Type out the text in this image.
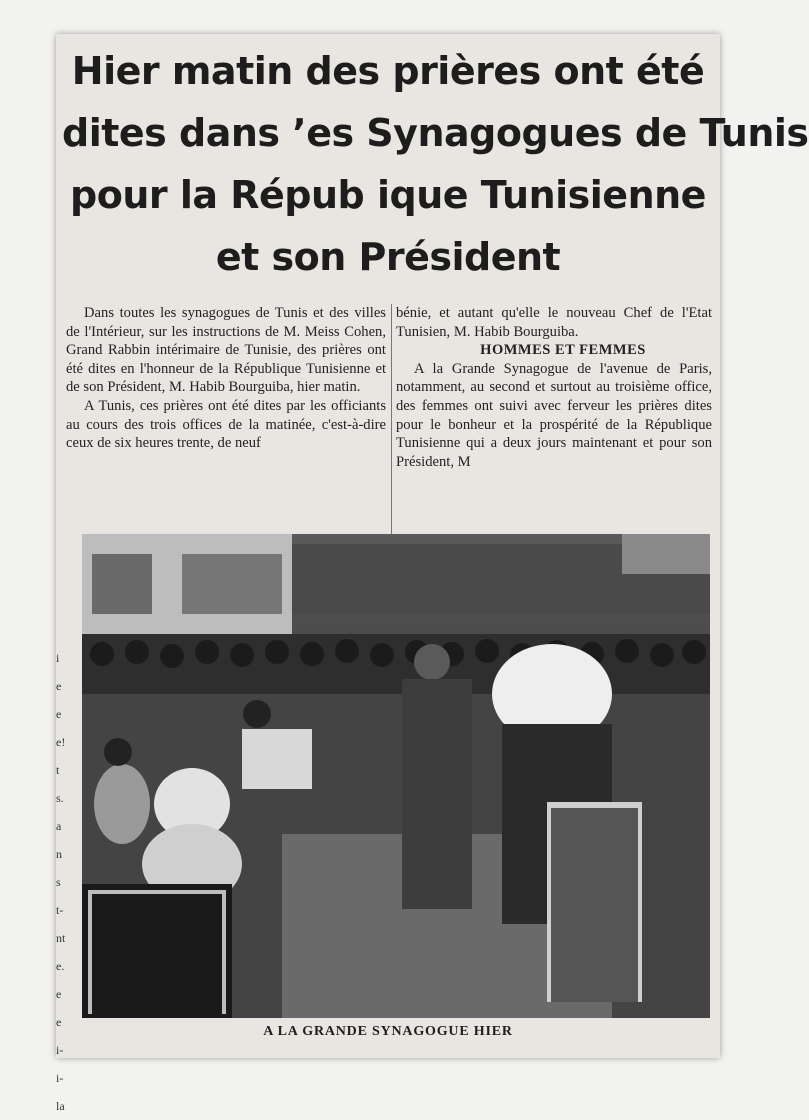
Hier matin des prières ont été
dites dans ’es Synagogues de Tunis
pour la Répub ique Tunisienne
et son Président

Dans toutes les synagogues de Tunis et des villes de l'Intérieur, sur les instructions de M. Meiss Cohen, Grand Rabbin intérimaire de Tunisie, des prières ont été dites en l'honneur de la République Tunisienne et de son Président, M. Habib Bourguiba, hier matin.

A Tunis, ces prières ont été dites par les officiants au cours des trois offices de la matinée, c'est-à-dire ceux de six heures trente, de neuf

bénie, et autant qu'elle le nouveau Chef de l'Etat Tunisien, M. Habib Bourguiba.

HOMMES ET FEMMES

A la Grande Synagogue de l'avenue de Paris, notamment, au second et surtout au troisième office, des femmes ont suivi avec ferveur les prières dites pour le bonheur et la prospérité de la République Tunisienne qui a deux jours maintenant et pour son Président, M

A LA GRANDE SYNAGOGUE HIER
i
e
e
e!
t
s.
a
n
s
t-
nt
e.
e
e
i-
i-
la
